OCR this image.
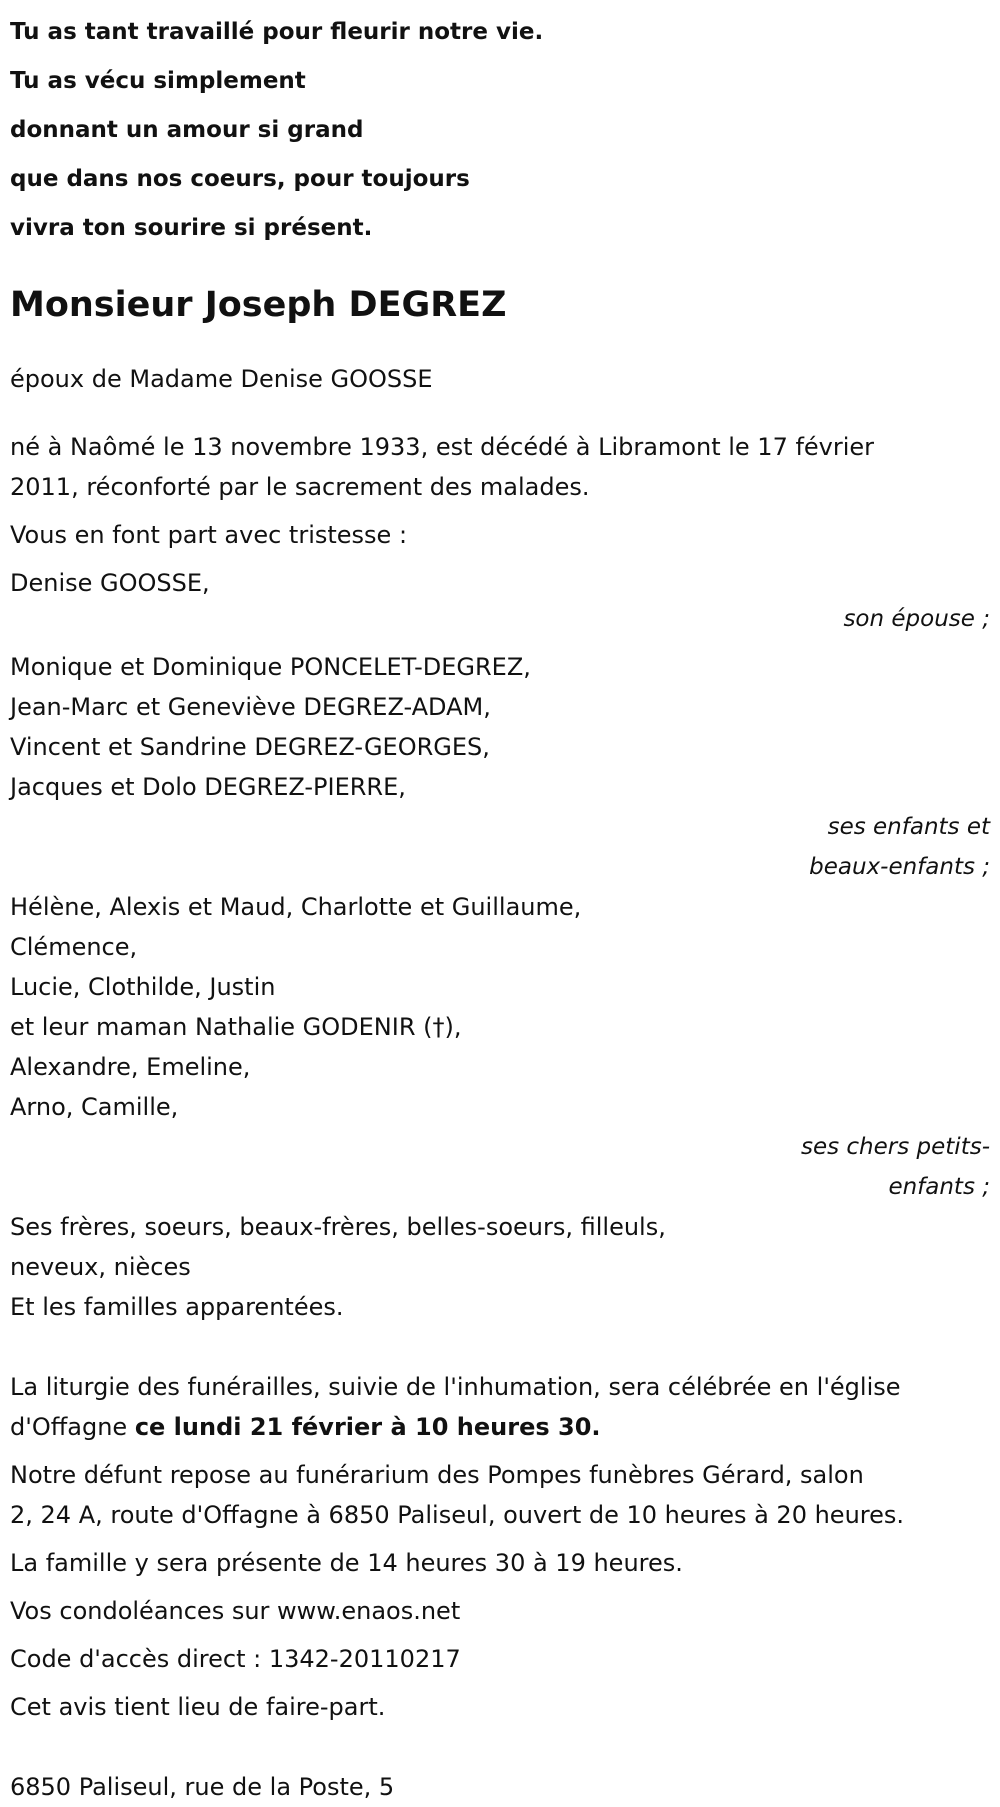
Tu as tant travaillé pour fleurir notre vie.
Tu as vécu simplement
donnant un amour si grand
que dans nos coeurs, pour toujours
vivra ton sourire si présent.
Monsieur Joseph DEGREZ
époux de Madame Denise GOOSSE
né à Naômé le 13 novembre 1933, est décédé à Libramont le 17 février
2011, réconforté par le sacrement des malades.
Vous en font part avec tristesse :
Denise GOOSSE,
son épouse ;
Monique et Dominique PONCELET-DEGREZ,
Jean-Marc et Geneviève DEGREZ-ADAM,
Vincent et Sandrine DEGREZ-GEORGES,
Jacques et Dolo DEGREZ-PIERRE,
ses enfants et
beaux-enfants ;
Hélène, Alexis et Maud, Charlotte et Guillaume,
Clémence,
Lucie, Clothilde, Justin
et leur maman Nathalie GODENIR (†),
Alexandre, Emeline,
Arno, Camille,
ses chers petits-
enfants ;
Ses frères, soeurs, beaux-frères, belles-soeurs, filleuls,
neveux, nièces
Et les familles apparentées.
La liturgie des funérailles, suivie de l'inhumation, sera célébrée en l'église
d'Offagne ce lundi 21 février à 10 heures 30.
Notre défunt repose au funérarium des Pompes funèbres Gérard, salon
2, 24 A, route d'Offagne à 6850 Paliseul, ouvert de 10 heures à 20 heures.
La famille y sera présente de 14 heures 30 à 19 heures.
Vos condoléances sur www.enaos.net
Code d'accès direct : 1342-20110217
Cet avis tient lieu de faire-part.
6850 Paliseul, rue de la Poste, 5
